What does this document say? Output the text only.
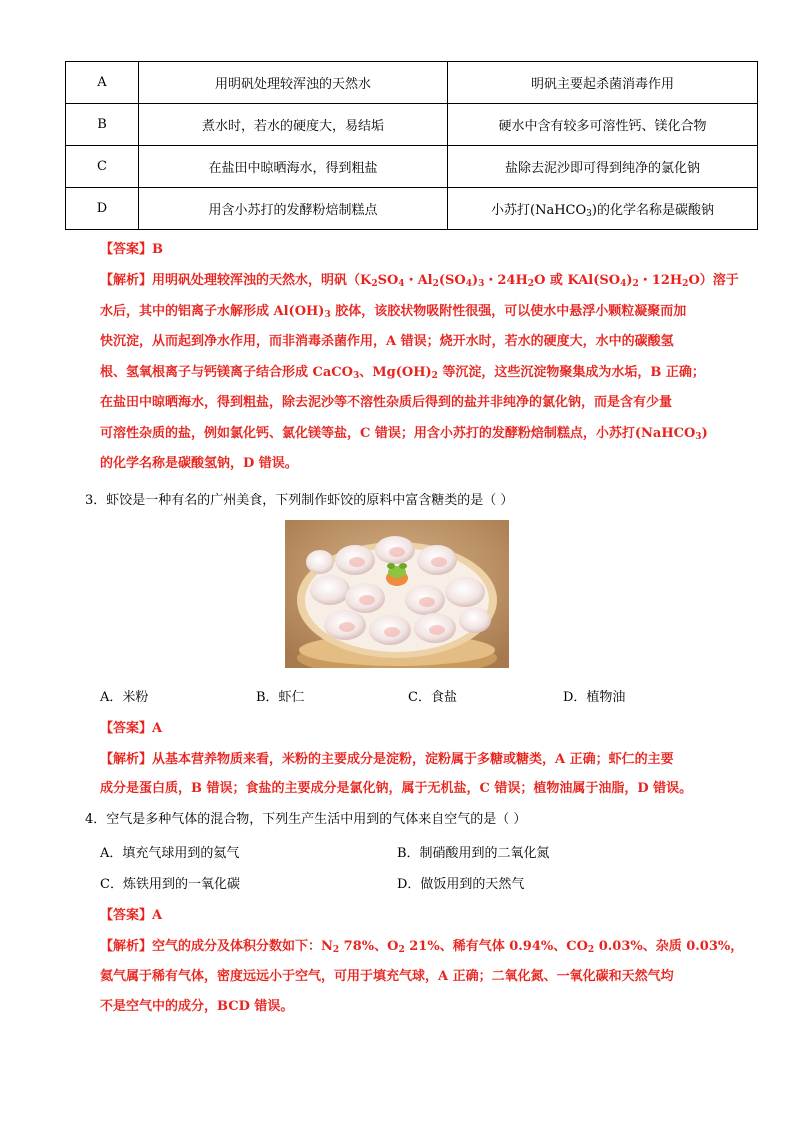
A	用明矾处理较浑浊的天然水	明矾主要起杀菌消毒作用
B	煮水时，若水的硬度大，易结垢	硬水中含有较多可溶性钙、镁化合物
C	在盐田中晾晒海水，得到粗盐	盐除去泥沙即可得到纯净的氯化钠
D	用含小苏打的发酵粉焙制糕点	小苏打(NaHCO$_3$)的化学名称是碳酸钠
【答案】B
【解析】用明矾处理较浑浊的天然水，明矾（$K_2SO_4$・$Al_2(SO_4)_3$・$24H_2O$ 或 $KAl(SO_4)_2$・$12H_2O$）溶于
水后，其中的铝离子水解形成 $Al(OH)_3$ 胶体，该胶状物吸附性很强，可以使水中悬浮小颗粒凝聚而加
快沉淀，从而起到净水作用，而非消毒杀菌作用，A 错误；烧开水时，若水的硬度大，水中的碳酸氢
根、氢氧根离子与钙镁离子结合形成 CaCO$_3$、$Mg(OH)_2$ 等沉淀，这些沉淀物聚集成为水垢，B 正确；
在盐田中晾晒海水，得到粗盐，除去泥沙等不溶性杂质后得到的盐并非纯净的氯化钠，而是含有少量
可溶性杂质的盐，例如氯化钙、氯化镁等盐，C 错误；用含小苏打的发酵粉焙制糕点，小苏打(NaHCO$_3$)
的化学名称是碳酸氢钠，D 错误。
3．虾饺是一种有名的广州美食，下列制作虾饺的原料中富含糖类的是（ ）
A．米粉	B．虾仁	C．食盐	D．植物油
【答案】A
【解析】从基本营养物质来看，米粉的主要成分是淀粉，淀粉属于多糖或糖类，A 正确；虾仁的主要
成分是蛋白质，B 错误；食盐的主要成分是氯化钠，属于无机盐，C 错误；植物油属于油脂，D 错误。
4．空气是多种气体的混合物，下列生产生活中用到的气体来自空气的是（ ）
A．填充气球用到的氦气	B．制硝酸用到的二氧化氮
C．炼铁用到的一氧化碳	D．做饭用到的天然气
【答案】A
【解析】空气的成分及体积分数如下：$N_2$ 78%、$O_2$ 21%、稀有气体 0.94%、$CO_2$ 0.03%、杂质 0.03%，
氦气属于稀有气体，密度远远小于空气，可用于填充气球，A 正确；二氧化氮、一氧化碳和天然气均
不是空气中的成分，BCD 错误。
